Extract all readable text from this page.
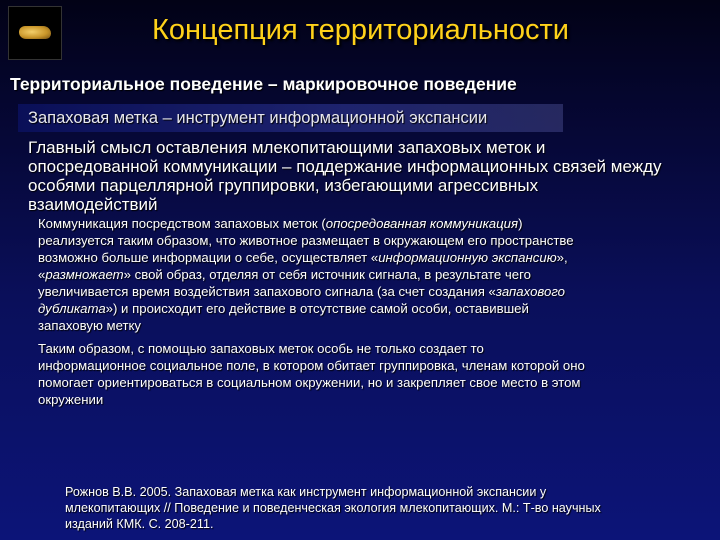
Концепция территориальности
Территориальное поведение – маркировочное поведение
Запаховая метка – инструмент информационной экспансии
Главный смысл оставления млекопитающими запаховых меток и
опосредованной коммуникации – поддержание информационных связей между
особями парцеллярной группировки, избегающими агрессивных
взаимодействий
Коммуникация посредством запаховых меток (опосредованная коммуникация)
реализуется таким образом, что животное размещает в окружающем его пространстве
возможно больше информации о себе, осуществляет «информационную экспансию»,
«размножает» свой образ, отделяя от себя источник сигнала, в результате чего
увеличивается время воздействия запахового сигнала (за счет создания «запахового
дубликата») и происходит его действие в отсутствие самой особи, оставившей
запаховую метку
Таким образом, с помощью запаховых меток особь не только создает то
информационное социальное поле, в котором обитает группировка, членам которой оно
помогает ориентироваться в социальном окружении, но и закрепляет свое место в этом
окружении
Рожнов В.В. 2005. Запаховая метка как инструмент информационной экспансии у
млекопитающих // Поведение и поведенческая экология млекопитающих. М.: Т-во научных
изданий КМК. С. 208-211.
